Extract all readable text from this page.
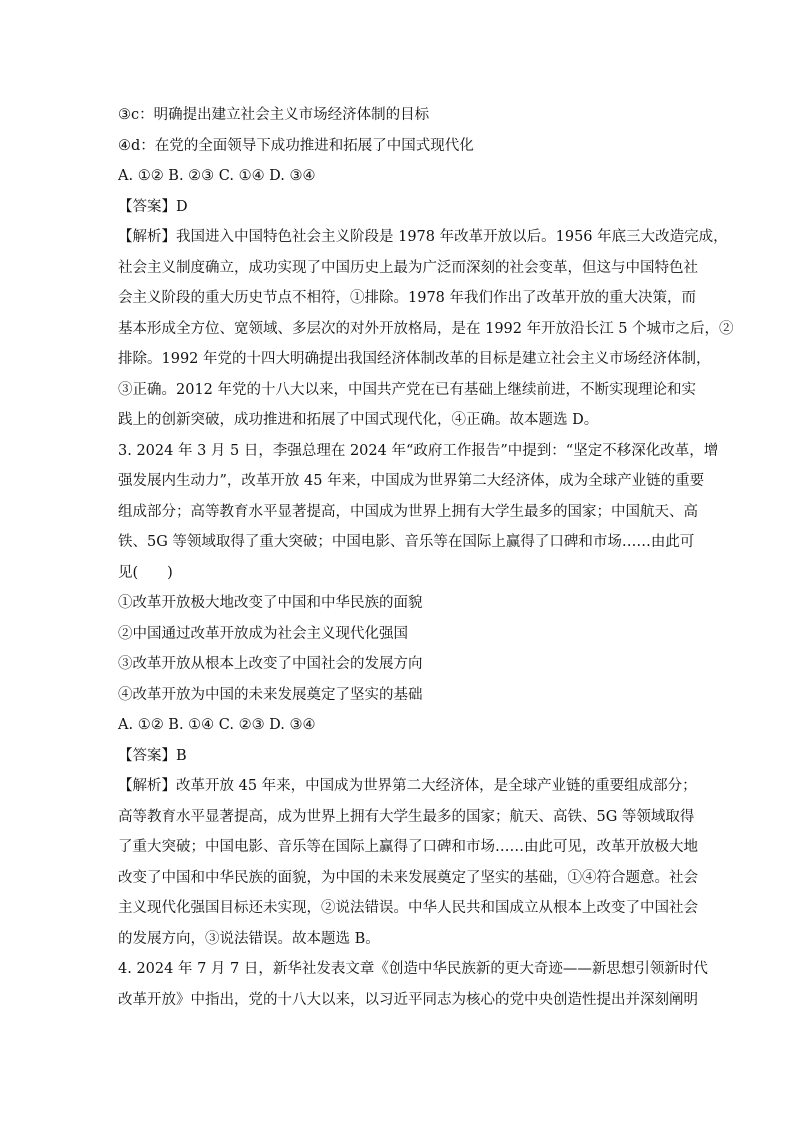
③c：明确提出建立社会主义市场经济体制的目标
④d：在党的全面领导下成功推进和拓展了中国式现代化
A. ①② B. ②③ C. ①④ D. ③④
【答案】D
【解析】我国进入中国特色社会主义阶段是 1978 年改革开放以后。1956 年底三大改造完成，
社会主义制度确立，成功实现了中国历史上最为广泛而深刻的社会变革，但这与中国特色社
会主义阶段的重大历史节点不相符，①排除。1978 年我们作出了改革开放的重大决策，而
基本形成全方位、宽领域、多层次的对外开放格局，是在 1992 年开放沿长江 5 个城市之后，②
排除。1992 年党的十四大明确提出我国经济体制改革的目标是建立社会主义市场经济体制，
③正确。2012 年党的十八大以来，中国共产党在已有基础上继续前进，不断实现理论和实
践上的创新突破，成功推进和拓展了中国式现代化，④正确。故本题选 D。
3. 2024 年 3 月 5 日，李强总理在 2024 年“政府工作报告”中提到：“坚定不移深化改革，增
强发展内生动力”，改革开放 45 年来，中国成为世界第二大经济体，成为全球产业链的重要
组成部分；高等教育水平显著提高，中国成为世界上拥有大学生最多的国家；中国航天、高
铁、5G 等领域取得了重大突破；中国电影、音乐等在国际上赢得了口碑和市场……由此可
见(　　)
①改革开放极大地改变了中国和中华民族的面貌
②中国通过改革开放成为社会主义现代化强国
③改革开放从根本上改变了中国社会的发展方向
④改革开放为中国的未来发展奠定了坚实的基础
A. ①② B. ①④ C. ②③ D. ③④
【答案】B
【解析】改革开放 45 年来，中国成为世界第二大经济体，是全球产业链的重要组成部分；
高等教育水平显著提高，成为世界上拥有大学生最多的国家；航天、高铁、5G 等领域取得
了重大突破；中国电影、音乐等在国际上赢得了口碑和市场……由此可见，改革开放极大地
改变了中国和中华民族的面貌，为中国的未来发展奠定了坚实的基础，①④符合题意。社会
主义现代化强国目标还未实现，②说法错误。中华人民共和国成立从根本上改变了中国社会
的发展方向，③说法错误。故本题选 B。
4. 2024 年 7 月 7 日，新华社发表文章《创造中华民族新的更大奇迹——新思想引领新时代
改革开放》中指出，党的十八大以来，以习近平同志为核心的党中央创造性提出并深刻阐明
